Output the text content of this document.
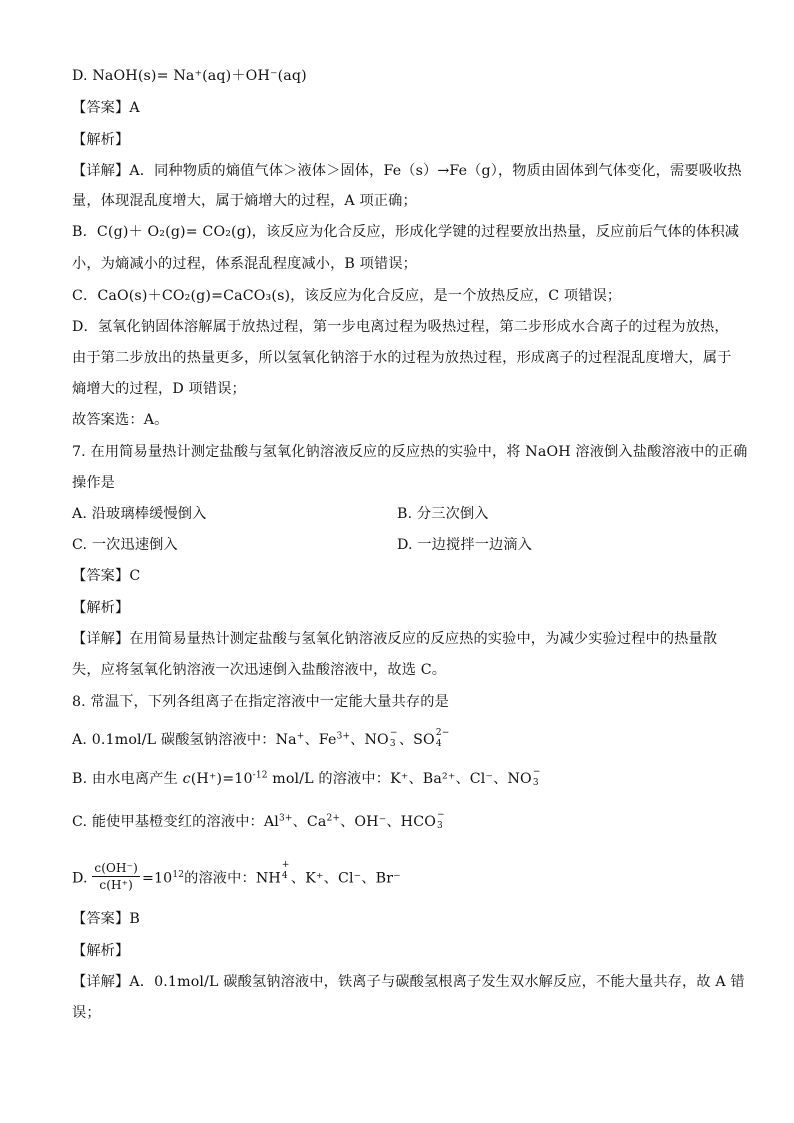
D. NaOH(s)= Na⁺(aq)＋OH⁻(aq)
【答案】A
【解析】
【详解】A．同种物质的熵值气体＞液体＞固体，Fe（s）→Fe（g），物质由固体到气体变化，需要吸收热
量，体现混乱度增大，属于熵增大的过程，A 项正确；
B．C(g)＋ O₂(g)= CO₂(g)，该反应为化合反应，形成化学键的过程要放出热量，反应前后气体的体积减
小，为熵减小的过程，体系混乱程度减小，B 项错误；
C．CaO(s)＋CO₂(g)=CaCO₃(s)，该反应为化合反应，是一个放热反应，C 项错误；
D．氢氧化钠固体溶解属于放热过程，第一步电离过程为吸热过程，第二步形成水合离子的过程为放热，
由于第二步放出的热量更多，所以氢氧化钠溶于水的过程为放热过程，形成离子的过程混乱度增大，属于
熵增大的过程，D 项错误；
故答案选：A。
7. 在用简易量热计测定盐酸与氢氧化钠溶液反应的反应热的实验中，将 NaOH 溶液倒入盐酸溶液中的正确
操作是
A. 沿玻璃棒缓慢倒入	B. 分三次倒入
C. 一次迅速倒入	D. 一边搅拌一边滴入
【答案】C
【解析】
【详解】在用简易量热计测定盐酸与氢氧化钠溶液反应的反应热的实验中，为减少实验过程中的热量散
失，应将氢氧化钠溶液一次迅速倒入盐酸溶液中，故选 C。
8. 常温下，下列各组离子在指定溶液中一定能大量共存的是
A. 0.1mol/L 碳酸氢钠溶液中：Na+、$Fe^{3+}$、NO −
3 、SO 2−
4
B. 由水电离产生 $c(H^+)=10^{-12}$ mol/L 的溶液中：K⁺、Ba²⁺、Cl⁻、NO −
3
C. 能使甲基橙变红的溶液中：$Al^{3+}$、$Ca^{2+}$、OH⁻、HCO −
3
D. $\frac{c(OH^-)}{c(H^+)} =10^{12}$的溶液中：NH
+
4 、K⁺、Cl⁻、Br⁻
【答案】B
【解析】
【详解】A．0.1mol/L 碳酸氢钠溶液中，铁离子与碳酸氢根离子发生双水解反应，不能大量共存，故 A 错
误；
